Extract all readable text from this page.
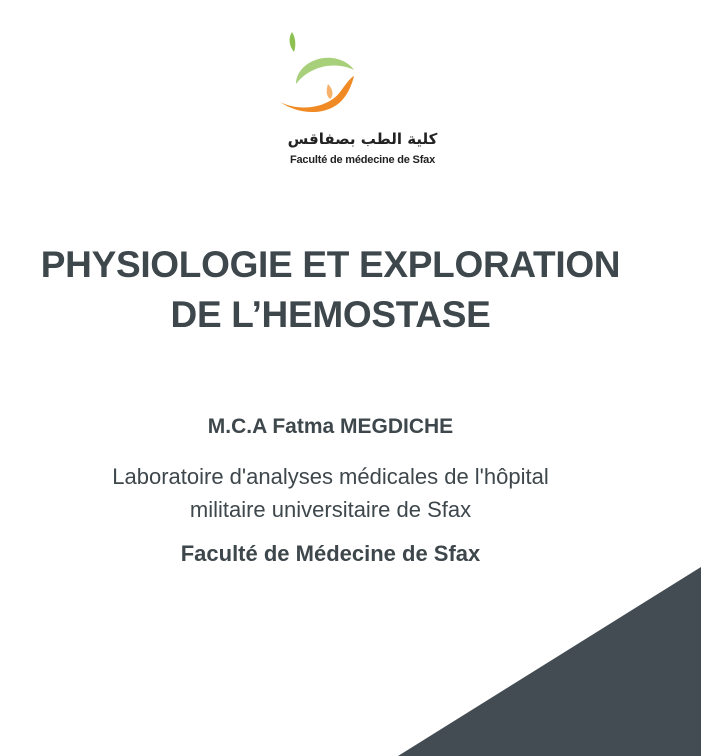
كلية الطب بصفاقس
Faculté de médecine de Sfax
PHYSIOLOGIE ET EXPLORATION
DE L’HEMOSTASE
M.C.A Fatma MEGDICHE
Laboratoire d'analyses médicales de l'hôpital
militaire universitaire de Sfax
Faculté de Médecine de Sfax
